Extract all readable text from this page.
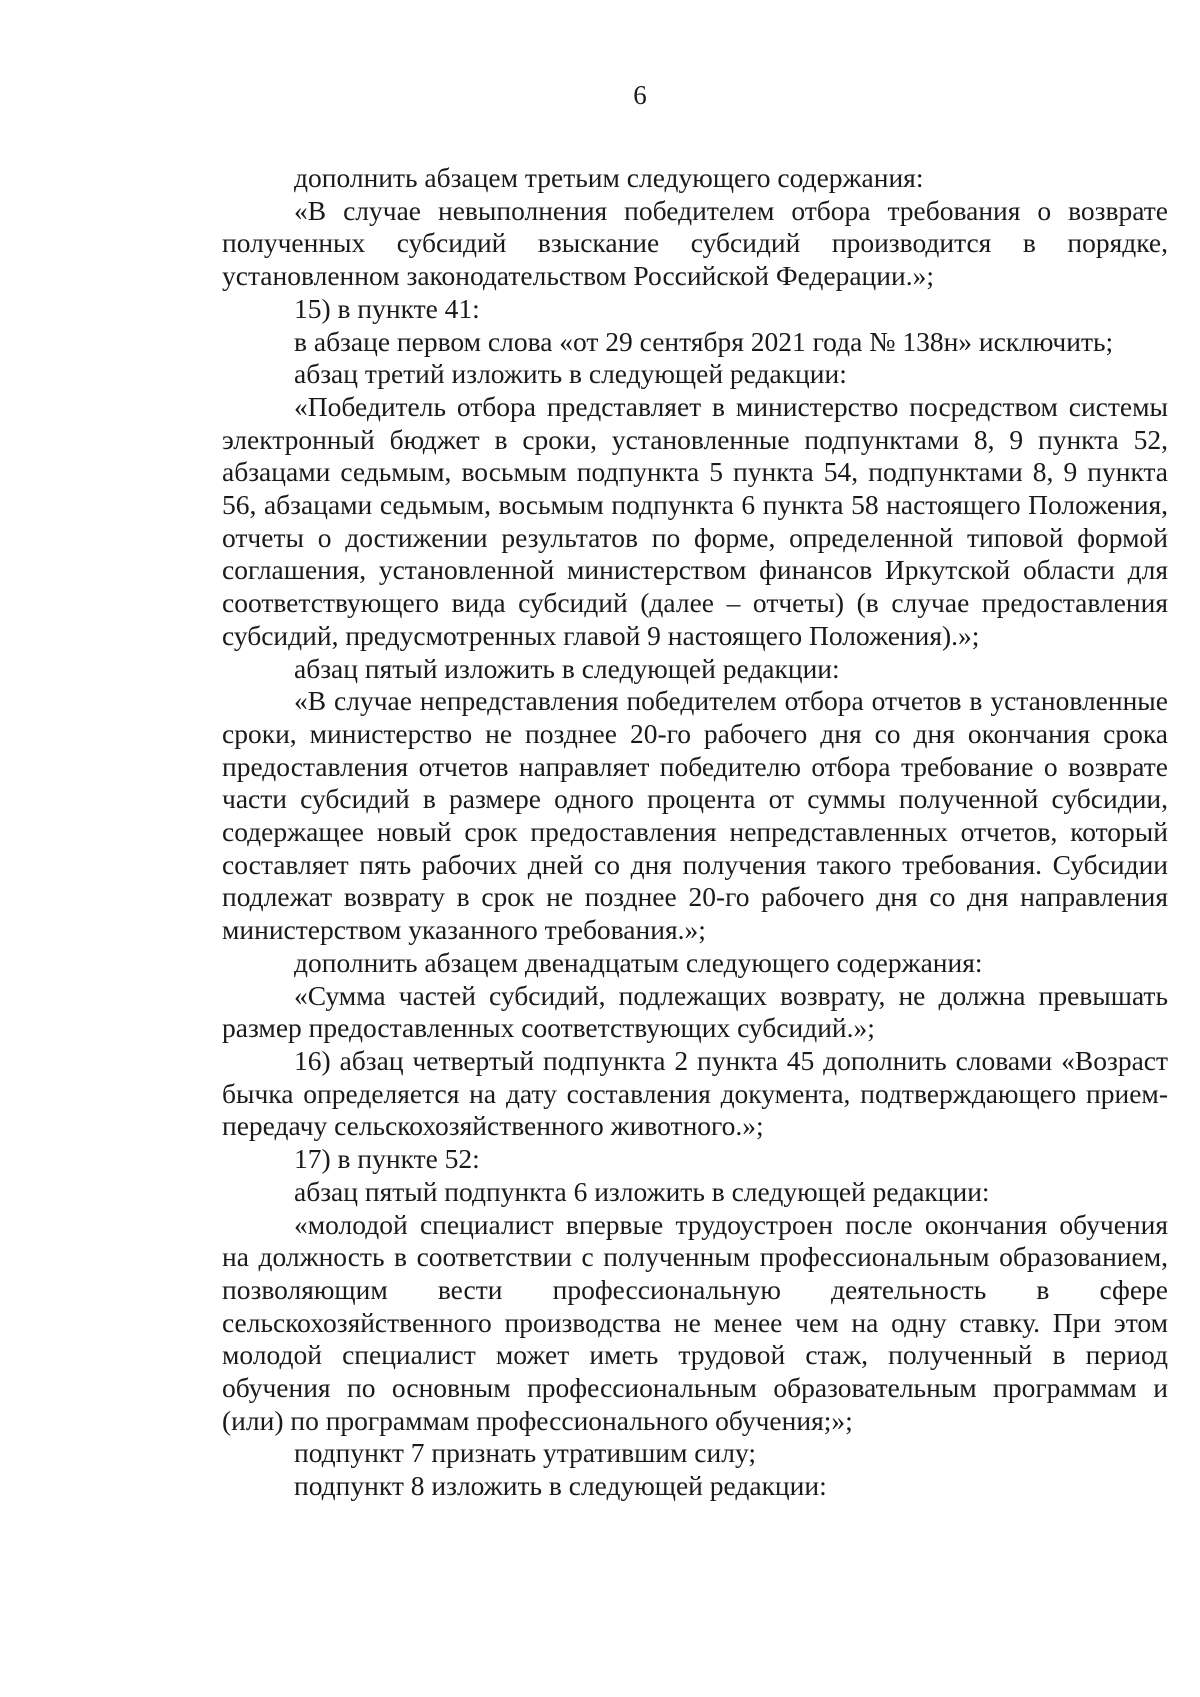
6

дополнить абзацем третьим следующего содержания:

«В случае невыполнения победителем отбора требования о возврате полученных субсидий взыскание субсидий производится в порядке, установленном законодательством Российской Федерации.»;

15) в пункте 41:

в абзаце первом слова «от 29 сентября 2021 года № 138н» исключить;

абзац третий изложить в следующей редакции:

«Победитель отбора представляет в министерство посредством системы электронный бюджет в сроки, установленные подпунктами 8, 9 пункта 52, абзацами седьмым, восьмым подпункта 5 пункта 54, подпунктами 8, 9 пункта 56, абзацами седьмым, восьмым подпункта 6 пункта 58 настоящего Положения, отчеты о достижении результатов по форме, определенной типовой формой соглашения, установленной министерством финансов Иркутской области для соответствующего вида субсидий (далее – отчеты) (в случае предоставления субсидий, предусмотренных главой 9 настоящего Положения).»;

абзац пятый изложить в следующей редакции:

«В случае непредставления победителем отбора отчетов в установленные сроки, министерство не позднее 20-го рабочего дня со дня окончания срока предоставления отчетов направляет победителю отбора требование о возврате части субсидий в размере одного процента от суммы полученной субсидии, содержащее новый срок предоставления непредставленных отчетов, который составляет пять рабочих дней со дня получения такого требования. Субсидии подлежат возврату в срок не позднее 20-го рабочего дня со дня направления министерством указанного требования.»;

дополнить абзацем двенадцатым следующего содержания:

«Сумма частей субсидий, подлежащих возврату, не должна превышать размер предоставленных соответствующих субсидий.»;

16) абзац четвертый подпункта 2 пункта 45 дополнить словами «Возраст бычка определяется на дату составления документа, подтверждающего прием-передачу сельскохозяйственного животного.»;

17) в пункте 52:

абзац пятый подпункта 6 изложить в следующей редакции:

«молодой специалист впервые трудоустроен после окончания обучения на должность в соответствии с полученным профессиональным образованием, позволяющим вести профессиональную деятельность в сфере сельскохозяйственного производства не менее чем на одну ставку. При этом молодой специалист может иметь трудовой стаж, полученный в период обучения по основным профессиональным образовательным программам и (или) по программам профессионального обучения;»;

подпункт 7 признать утратившим силу;

подпункт 8 изложить в следующей редакции:
